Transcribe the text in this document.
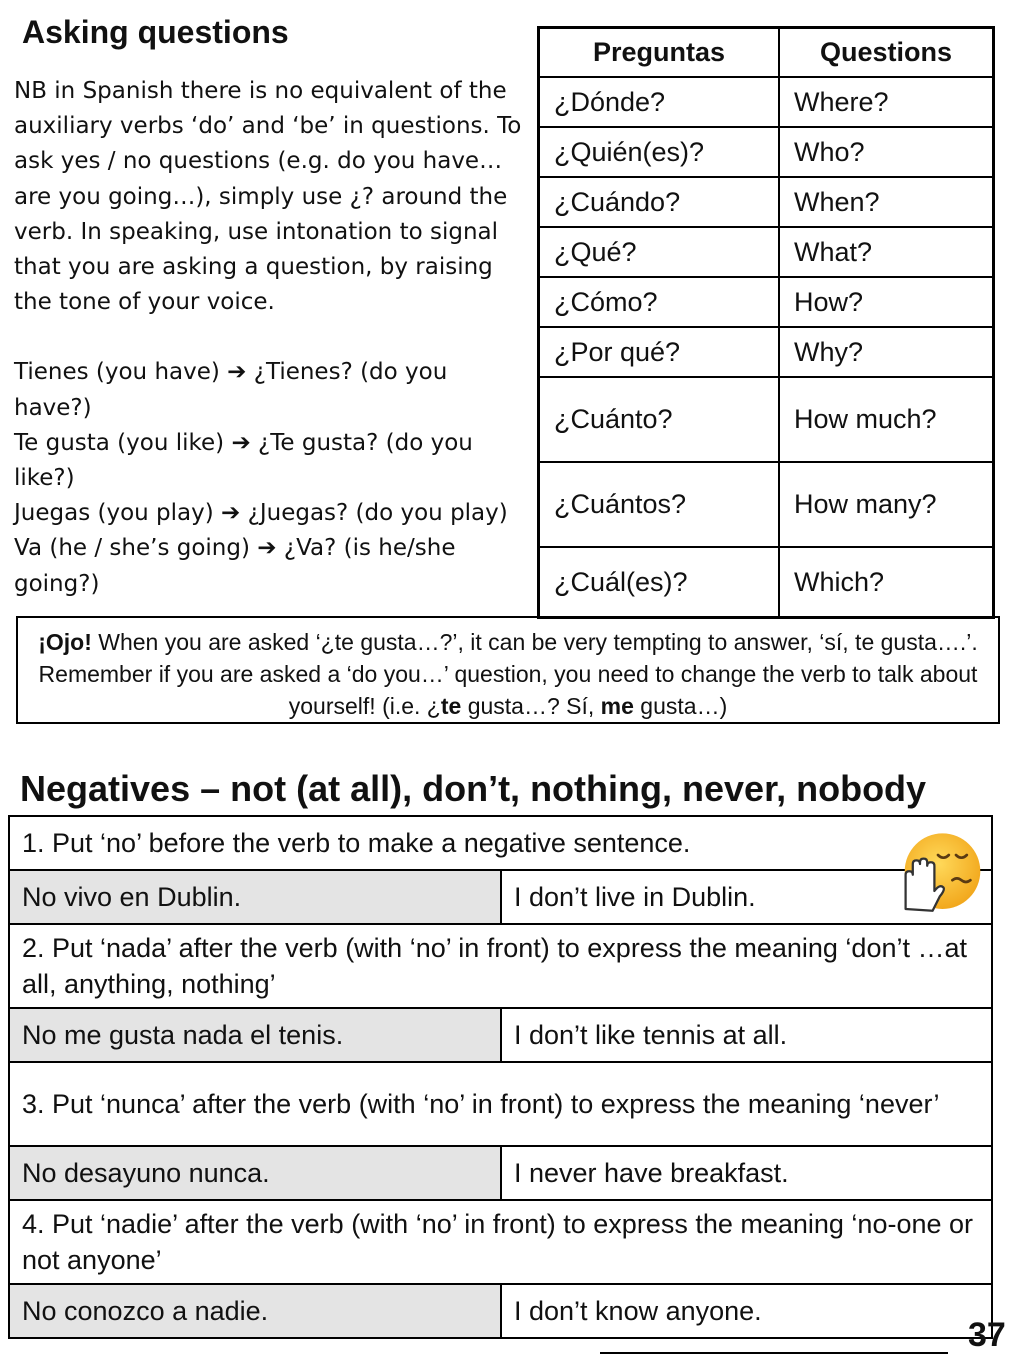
Asking questions

NB in Spanish there is no equivalent of the auxiliary verbs ‘do’ and ‘be’ in questions. To ask yes / no questions (e.g. do you have… are you going…), simply use ¿? around the verb. In speaking, use intonation to signal that you are asking a question, by raising the tone of your voice.

Tienes (you have) ➔ ¿Tienes? (do you have?)

Te gusta (you like) ➔ ¿Te gusta? (do you like?)

Juegas (you play) ➔ ¿Juegas? (do you play)

Va (he / she’s going) ➔ ¿Va? (is he/she going?)

Preguntas	Questions
¿Dónde?	Where?
¿Quién(es)?	Who?
¿Cuándo?	When?
¿Qué?	What?
¿Cómo?	How?
¿Por qué?	Why?
¿Cuánto?	How much?
¿Cuántos?	How many?
¿Cuál(es)?	Which?
¡Ojo! When you are asked ‘¿te gusta…?’, it can be very tempting to answer, ‘sí, te gusta….’. Remember if you are asked a ‘do you…’ question, you need to change the verb to talk about yourself! (i.e. ¿te gusta…? Sí, me gusta…)
Negatives – not (at all), don’t, nothing, never, nobody
1. Put ‘no’ before the verb to make a negative sentence.	
No vivo en Dublin.	I don’t live in Dublin.
2. Put ‘nada’ after the verb (with ‘no’ in front) to express the meaning ‘don’t …at all, anything, nothing’	
No me gusta nada el tenis.	I don’t like tennis at all.
3. Put ‘nunca’ after the verb (with ‘no’ in front) to express the meaning ‘never’	
No desayuno nunca.	I never have breakfast.
4. Put ‘nadie’ after the verb (with ‘no’ in front) to express the meaning ‘no-one or not anyone’	
No conozco a nadie.	I don’t know anyone.
37
